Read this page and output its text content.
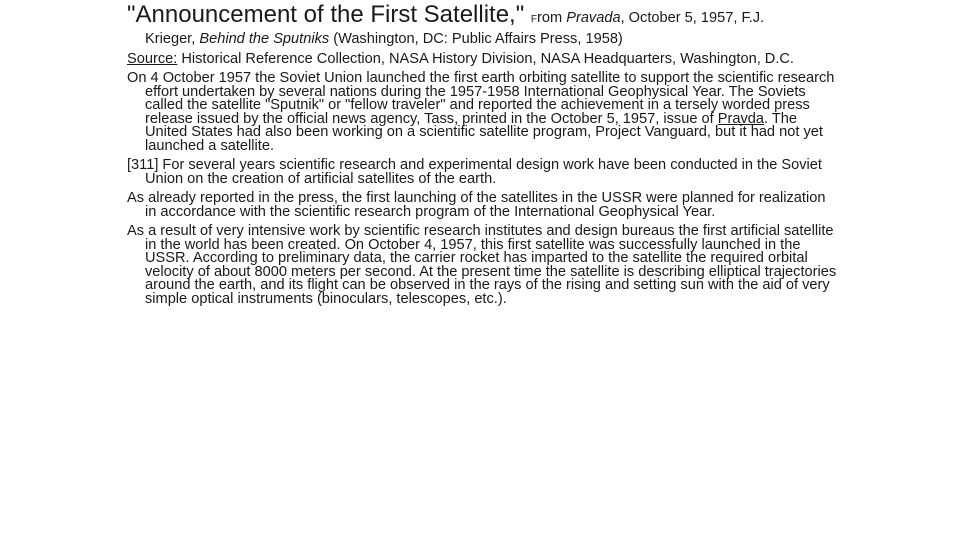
"Announcement of the First Satellite," From Pravada, October 5, 1957, F.J.
Krieger, Behind the Sputniks (Washington, DC: Public Affairs Press, 1958)

Source: Historical Reference Collection, NASA History Division, NASA Headquarters, Washington, D.C.

On 4 October 1957 the Soviet Union launched the first earth orbiting satellite to support the scientific research effort undertaken by several nations during the 1957-1958 International Geophysical Year. The Soviets called the satellite "Sputnik" or "fellow traveler" and reported the achievement in a tersely worded press release issued by the official news agency, Tass, printed in the October 5, 1957, issue of Pravda. The United States had also been working on a scientific satellite program, Project Vanguard, but it had not yet launched a satellite.

[311] For several years scientific research and experimental design work have been conducted in the Soviet Union on the creation of artificial satellites of the earth.

As already reported in the press, the first launching of the satellites in the USSR were planned for realization in accordance with the scientific research program of the International Geophysical Year.

As a result of very intensive work by scientific research institutes and design bureaus the first artificial satellite in the world has been created. On October 4, 1957, this first satellite was successfully launched in the USSR. According to preliminary data, the carrier rocket has imparted to the satellite the required orbital velocity of about 8000 meters per second. At the present time the satellite is describing elliptical trajectories around the earth, and its flight can be observed in the rays of the rising and setting sun with the aid of very simple optical instruments (binoculars, telescopes, etc.).
